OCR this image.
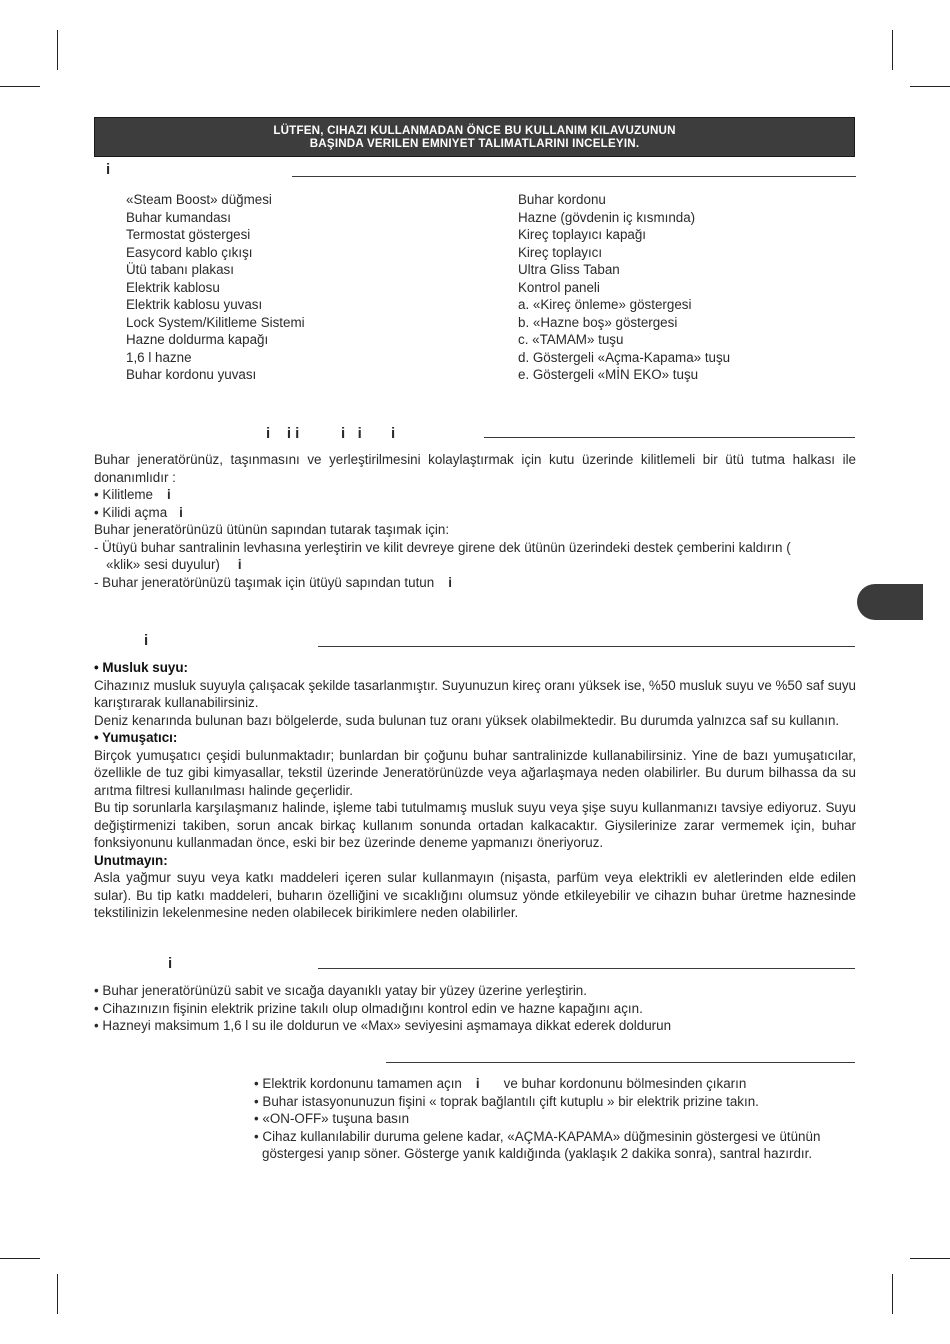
LÜTFEN, CIHAZI KULLANMADAN ÖNCE BU KULLANIM KILAVUZUNUN
BAŞINDA VERILEN EMNIYET TALIMATLARINI INCELEYIN.
i
«Steam Boost» düğmesi
Buhar kumandası
Termostat göstergesi
Easycord kablo çıkışı
Ütü tabanı plakası
Elektrik kablosu
Elektrik kablosu yuvası
Lock System/Kilitleme Sistemi
Hazne doldurma kapağı
1,6 l hazne
Buhar kordonu yuvası
Buhar kordonu
Hazne (gövdenin iç kısmında)
Kireç toplayıcı kapağı
Kireç toplayıcı
Ultra Gliss Taban
Kontrol paneli
a. «Kireç önleme» göstergesi
b. «Hazne boş» göstergesi
c. «TAMAM» tuşu
d. Göstergeli «Açma-Kapama» tuşu
e. Göstergeli «MİN EKO» tuşu
i    i i          i   i       i

Buhar jeneratörünüz, taşınmasını ve yerleştirilmesini kolaylaştırmak için kutu üzerinde kilitlemeli bir ütü tutma halkası ile donanımlıdır :

• Kilitleme i

• Kilidi açma i

Buhar jeneratörünüzü ütünün sapından tutarak taşımak için:

- Ütüyü buhar santralinin levhasına yerleştirin ve kilit devreye girene dek ütünün üzerindeki destek çemberini kaldırın (

«klik» sesi duyulur) i

- Buhar jeneratörünüzü taşımak için ütüyü sapından tutun i

i

• Musluk suyu:

Cihazınız musluk suyuyla çalışacak şekilde tasarlanmıştır. Suyunuzun kireç oranı yüksek ise, %50 musluk suyu ve %50 saf suyu karıştırarak kullanabilirsiniz.

Deniz kenarında bulunan bazı bölgelerde, suda bulunan tuz oranı yüksek olabilmektedir. Bu durumda yalnızca saf su kullanın.

• Yumuşatıcı:

Birçok yumuşatıcı çeşidi bulunmaktadır; bunlardan bir çoğunu buhar santralinizde kullanabilirsiniz. Yine de bazı yumuşatıcılar, özellikle de tuz gibi kimyasallar, tekstil üzerinde Jeneratörünüzde veya ağarlaşmaya neden olabilirler. Bu durum bilhassa da su arıtma filtresi kullanılması halinde geçerlidir.

Bu tip sorunlarla karşılaşmanız halinde, işleme tabi tutulmamış musluk suyu veya şişe suyu kullanmanızı tavsiye ediyoruz. Suyu değiştirmenizi takiben, sorun ancak birkaç kullanım sonunda ortadan kalkacaktır. Giysilerinize zarar vermemek için, buhar fonksiyonunu kullanmadan önce, eski bir bez üzerinde deneme yapmanızı öneriyoruz.

Unutmayın:

Asla yağmur suyu veya katkı maddeleri içeren sular kullanmayın (nişasta, parfüm veya elektrikli ev aletlerinden elde edilen sular). Bu tip katkı maddeleri, buharın özelliğini ve sıcaklığını olumsuz yönde etkileyebilir ve cihazın buhar üretme haznesinde tekstilinizin lekelenmesine neden olabilecek birikimlere neden olabilirler.

i

• Buhar jeneratörünüzü sabit ve sıcağa dayanıklı yatay bir yüzey üzerine yerleştirin.

• Cihazınızın fişinin elektrik prizine takılı olup olmadığını kontrol edin ve hazne kapağını açın.

• Hazneyi maksimum 1,6 l su ile doldurun ve «Max» seviyesini aşmamaya dikkat ederek doldurun

• Elektrik kordonunu tamamen açın i ve buhar kordonunu bölmesinden çıkarın
• Buhar istasyonunuzun fişini « toprak bağlantılı çift kutuplu » bir elektrik prizine takın.
• «ON-OFF» tuşuna basın
• Cihaz kullanılabilir duruma gelene kadar, «AÇMA-KAPAMA» düğmesinin göstergesi ve ütünün
göstergesi yanıp söner. Gösterge yanık kaldığında (yaklaşık 2 dakika sonra), santral hazırdır.
